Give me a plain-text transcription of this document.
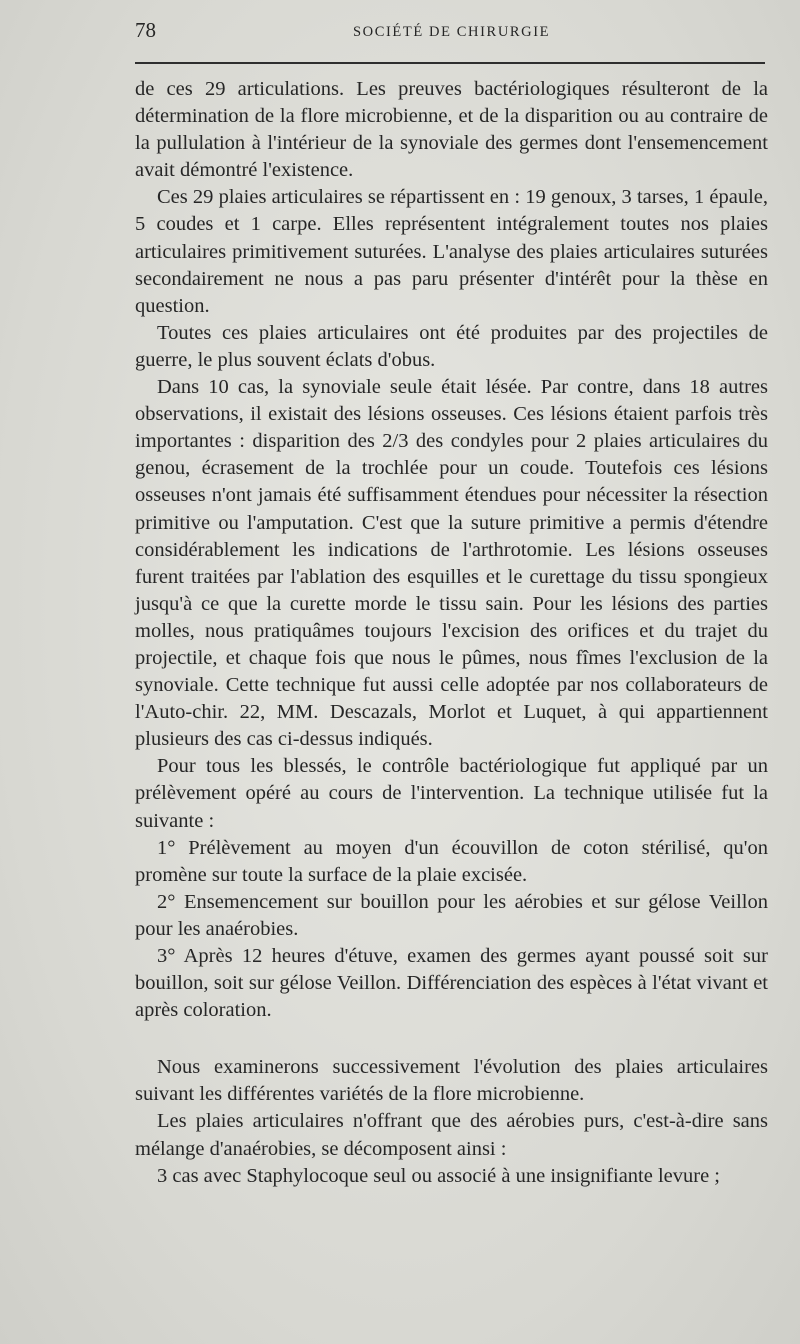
78	SOCIÉTÉ DE CHIRURGIE

de ces 29 articulations. Les preuves bactériologiques résulteront de la détermination de la flore microbienne, et de la disparition ou au contraire de la pullulation à l'intérieur de la synoviale des germes dont l'ensemencement avait démontré l'existence.

Ces 29 plaies articulaires se répartissent en : 19 genoux, 3 tarses, 1 épaule, 5 coudes et 1 carpe. Elles représentent intégralement toutes nos plaies articulaires primitivement suturées. L'analyse des plaies articulaires suturées secondairement ne nous a pas paru présenter d'intérêt pour la thèse en question.

Toutes ces plaies articulaires ont été produites par des projectiles de guerre, le plus souvent éclats d'obus.

Dans 10 cas, la synoviale seule était lésée. Par contre, dans 18 autres observations, il existait des lésions osseuses. Ces lésions étaient parfois très importantes : disparition des 2/3 des condyles pour 2 plaies articulaires du genou, écrasement de la trochlée pour un coude. Toutefois ces lésions osseuses n'ont jamais été suffisamment étendues pour nécessiter la résection primitive ou l'amputation. C'est que la suture primitive a permis d'étendre considérablement les indications de l'arthrotomie. Les lésions osseuses furent traitées par l'ablation des esquilles et le curettage du tissu spongieux jusqu'à ce que la curette morde le tissu sain. Pour les lésions des parties molles, nous pratiquâmes toujours l'excision des orifices et du trajet du projectile, et chaque fois que nous le pûmes, nous fîmes l'exclusion de la synoviale. Cette technique fut aussi celle adoptée par nos collaborateurs de l'Auto-chir. 22, MM. Descazals, Morlot et Luquet, à qui appartiennent plusieurs des cas ci-dessus indiqués.

Pour tous les blessés, le contrôle bactériologique fut appliqué par un prélèvement opéré au cours de l'intervention. La technique utilisée fut la suivante :

1° Prélèvement au moyen d'un écouvillon de coton stérilisé, qu'on promène sur toute la surface de la plaie excisée.

2° Ensemencement sur bouillon pour les aérobies et sur gélose Veillon pour les anaérobies.

3° Après 12 heures d'étuve, examen des germes ayant poussé soit sur bouillon, soit sur gélose Veillon. Différenciation des espèces à l'état vivant et après coloration.

Nous examinerons successivement l'évolution des plaies articulaires suivant les différentes variétés de la flore microbienne.

Les plaies articulaires n'offrant que des aérobies purs, c'est-à-dire sans mélange d'anaérobies, se décomposent ainsi :

3 cas avec Staphylocoque seul ou associé à une insignifiante levure ;
